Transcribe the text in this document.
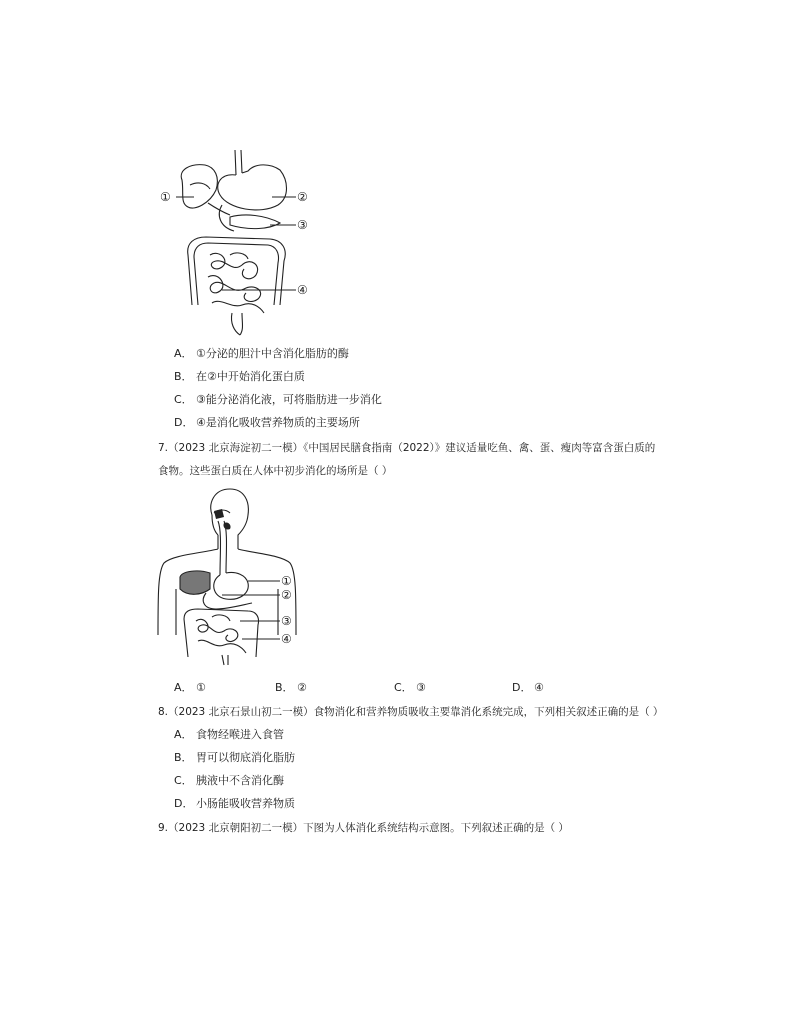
①	②
③
④
A． ①分泌的胆汁中含消化脂肪的酶
B． 在②中开始消化蛋白质
C． ③能分泌消化液，可将脂肪进一步消化
D． ④是消化吸收营养物质的主要场所
7.（2023 北京海淀初二一模）《中国居民膳食指南（2022）》建议适量吃鱼、禽、蛋、瘦肉等富含蛋白质的
食物。这些蛋白质在人体中初步消化的场所是（ ）
①
②
③
④
A． ①	B． ②	C． ③	D． ④
8.（2023 北京石景山初二一模）食物消化和营养物质吸收主要靠消化系统完成，下列相关叙述正确的是（ ）
A． 食物经喉进入食管
B． 胃可以彻底消化脂肪
C． 胰液中不含消化酶
D． 小肠能吸收营养物质
9.（2023 北京朝阳初二一模）下图为人体消化系统结构示意图。下列叙述正确的是（ ）
